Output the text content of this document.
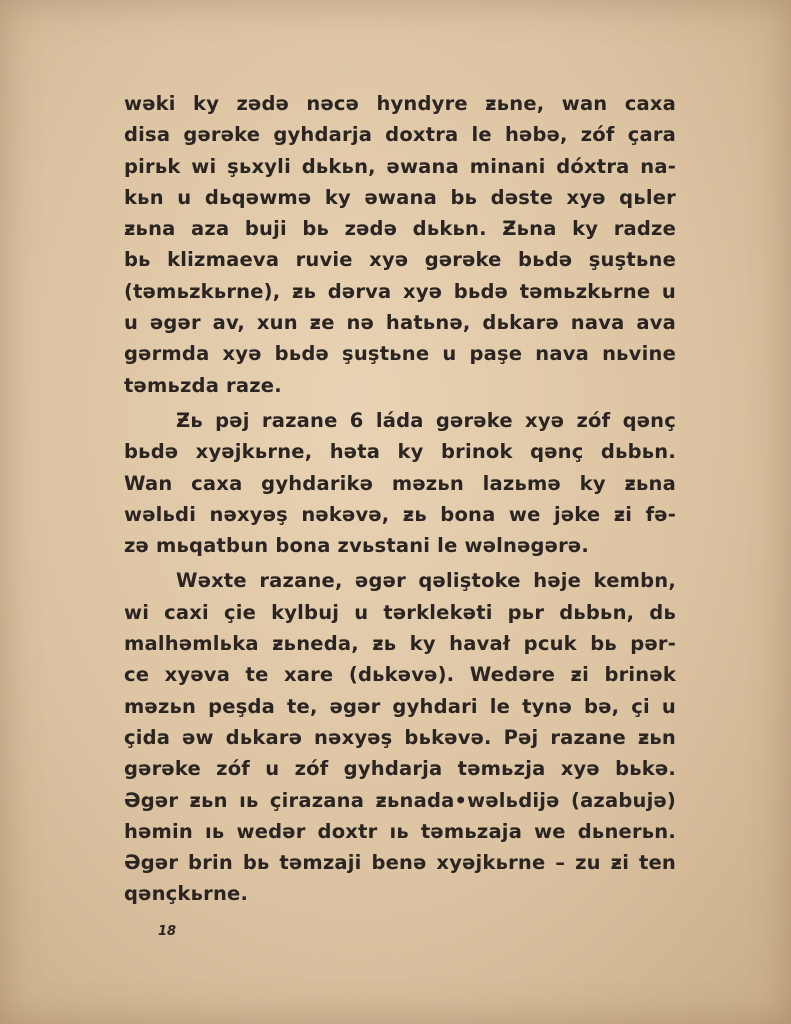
wəki ky zədə nəcə hyndyre ƶьnе, wan caxa
disa gərəke gyhdarja doxtra le həbə, zóf çara
pirьk wi şьxyli dьkьn, əwana minani dóxtra na-
kьn u dьqəwmə ky əwana bь dəste xyə qьler
ƶьna aza buji bь zədə dьkьn. Ƶьna ky radze
bь klizmaeva ruvie xyə gərəke bьdə şuştьne
(təmьzkьrne), ƶь dərva xyə bьdə təmьzkьrne u
u əgər av, xun ƶe nə hatьnə, dьkarə nava ava
gərmda xyə bьdə şuştьne u paşe nava nьvine
təmьzda raze.
Ƶь pəj razane 6 láda gərəke xyə zóf qənç
bьdə xyəjkьrne, həta ky brinok qənç dьbьn.
Wan caxa gyhdarikə məzьn lazьmə ky ƶьna
wəlьdi nəxyəş nəkəvə, ƶь bona we jəke ƶi fə-
zə mьqatbun bona zvьstani le wəlnəgərə.
Wəxte razane, əgər qəliştoke həje kembn,
wi caxi çie kylbuj u tərklekəti pьr dьbьn, dь
malhəmlьka ƶьneda, ƶь ky havał pcuk bь pər-
ce xyəva te xare (dьkəvə). Wedəre ƶi brinək
məzьn peşda te, əgər gyhdari le tynə bə, çi u
çida əw dьkarə nəxyəş bьkəvə. Pəj razane ƶьn
gərəke zóf u zóf gyhdarja təmьzja xyə bьkə.
Əgər ƶьn ıь çirazana ƶьnada•wəlьdijə (azabujə)
həmin ıь wedər doxtr ıь təmьzaja we dьnerьn.
Əgər brin bь təmzaji benə xyəjkьrne – zu ƶi ten
qənçkьrne.
18
